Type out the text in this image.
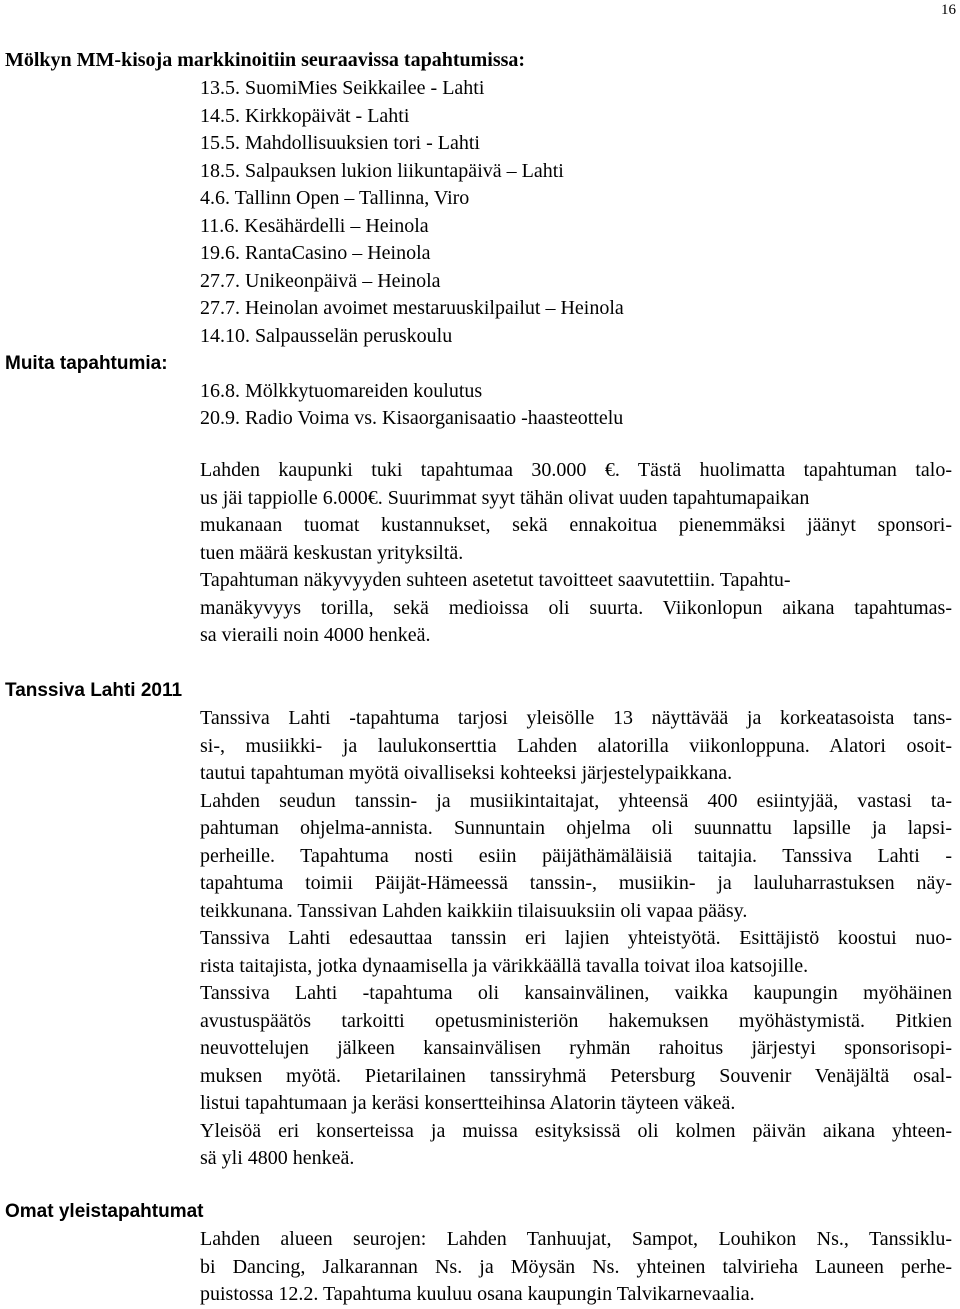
16
Mölkyn MM-kisoja markkinoitiin seuraavissa tapahtumissa:
13.5. SuomiMies Seikkailee - Lahti
14.5. Kirkkopäivät - Lahti
15.5. Mahdollisuuksien tori - Lahti
18.5. Salpauksen lukion liikuntapäivä – Lahti
4.6. Tallinn Open – Tallinna, Viro
11.6. Kesähärdelli – Heinola
19.6. RantaCasino – Heinola
27.7. Unikeonpäivä – Heinola
27.7. Heinolan avoimet mestaruuskilpailut – Heinola
14.10. Salpausselän peruskoulu
Muita tapahtumia:
16.8. Mölkkytuomareiden koulutus
20.9. Radio Voima vs. Kisaorganisaatio -haasteottelu
Lahden kaupunki tuki tapahtumaa 30.000 €. Tästä huolimatta tapahtuman talo-
us jäi tappiolle 6.000€. Suurimmat syyt tähän olivat uuden tapahtumapaikan
mukanaan tuomat kustannukset, sekä ennakoitua pienemmäksi jäänyt sponsori-
tuen määrä keskustan yrityksiltä.
Tapahtuman näkyvyyden suhteen asetetut tavoitteet saavutettiin. Tapahtu-
manäkyvyys torilla, sekä medioissa oli suurta. Viikonlopun aikana tapahtumas-
sa vieraili noin 4000 henkeä.
Tanssiva Lahti 2011
Tanssiva Lahti -tapahtuma tarjosi yleisölle 13 näyttävää ja korkeatasoista tans-
si-, musiikki- ja laulukonserttia Lahden alatorilla viikonloppuna. Alatori osoit-
tautui tapahtuman myötä oivalliseksi kohteeksi järjestelypaikkana.
Lahden seudun tanssin- ja musiikintaitajat, yhteensä 400 esiintyjää, vastasi ta-
pahtuman ohjelma-annista. Sunnuntain ohjelma oli suunnattu lapsille ja lapsi-
perheille. Tapahtuma nosti esiin päijäthämäläisiä taitajia. Tanssiva Lahti -
tapahtuma toimii Päijät-Hämeessä tanssin-, musiikin- ja lauluharrastuksen näy-
teikkunana. Tanssivan Lahden kaikkiin tilaisuuksiin oli vapaa pääsy.
Tanssiva Lahti edesauttaa tanssin eri lajien yhteistyötä. Esittäjistö koostui nuo-
rista taitajista, jotka dynaamisella ja värikkäällä tavalla toivat iloa katsojille.
Tanssiva Lahti -tapahtuma oli kansainvälinen, vaikka kaupungin myöhäinen
avustuspäätös tarkoitti opetusministeriön hakemuksen myöhästymistä. Pitkien
neuvottelujen jälkeen kansainvälisen ryhmän rahoitus järjestyi sponsorisopi-
muksen myötä. Pietarilainen tanssiryhmä Petersburg Souvenir Venäjältä osal-
listui tapahtumaan ja keräsi konsertteihinsa Alatorin täyteen väkeä.
Yleisöä eri konserteissa ja muissa esityksissä oli kolmen päivän aikana yhteen-
sä yli 4800 henkeä.
Omat yleistapahtumat
Lahden alueen seurojen: Lahden Tanhuujat, Sampot, Louhikon Ns., Tanssiklu-
bi Dancing, Jalkarannan Ns. ja Möysän Ns. yhteinen talvirieha Launeen perhe-
puistossa 12.2. Tapahtuma kuuluu osana kaupungin Talvikarnevaalia.
